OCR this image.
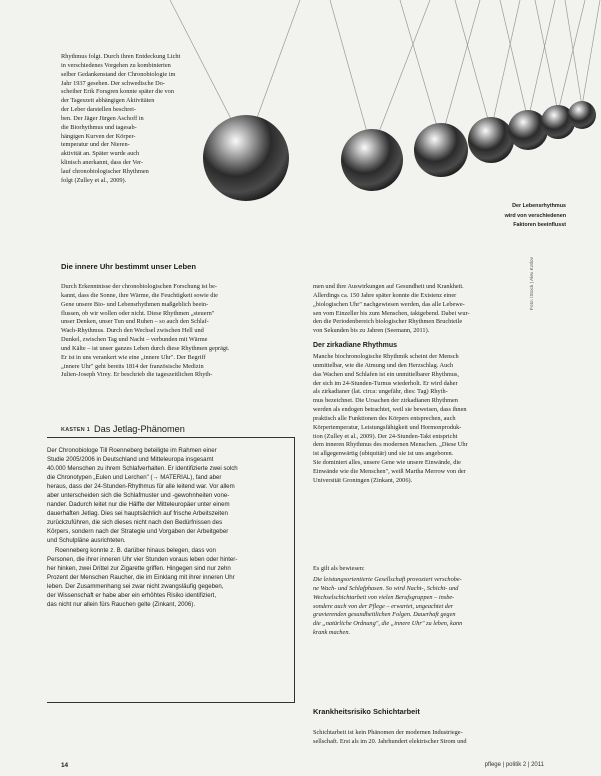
Rhythmus folgt. Durch ihren Entdeckung Licht
in verschiedenes Vorgehen zu kombinierten
selber Gedankenstand der Chronobiologie im
Jahr 1937 gesehen. Der schwedische Do-
scheiber Erik Forsgren konnte später die von
der Tageszeit abhängigen Aktivitäten
der Leber darstellen beschrei-
ben. Der Jäger Jürgen Aschoff in
die Biorhythmus und tagesab-
hängigen Kurven der Körper-
temperatur und der Nieren-
aktivität an. Später wurde auch
klinisch anerkannt, dass der Ver-
lauf chronobiologischer Rhythmen
folgt (Zulley et al., 2009).
Der Lebensrhythmus
wird von verschiedenen
Faktoren beeinflusst
Foto: iStock | Alex Kotlov
Die innere Uhr bestimmt unser Leben
Durch Erkenntnisse der chronobiologischen Forschung ist be-
kannt, dass die Sonne, ihre Wärme, die Feuchtigkeit sowie die
Gene unsere Bio- und Lebensrhythmen maßgeblich beein-
flussen, ob wir wollen oder nicht. Diese Rhythmen „steuern"
unser Denken, unser Tun und Ruhen – so auch den Schlaf-
Wach-Rhythmus. Durch den Wechsel zwischen Hell und
Dunkel, zwischen Tag und Nacht – verbunden mit Wärme
und Kälte – ist unser ganzes Leben durch diese Rhythmen geprägt.
Er ist in uns verankert wie eine „innere Uhr". Der Begriff
„innere Uhr" geht bereits 1814 der französische Medizin
Julien-Joseph Virey. Er beschrieb die tageszeitlichen Rhyth-
men und ihre Auswirkungen auf Gesundheit und Krankheit.
Allerdings ca. 150 Jahre später konnte die Existenz einer
„biologischen Uhr" nachgewiesen werden, das alle Lebewe-
sen vom Einzeller bis zum Menschen, taktgebend. Dabei wur-
den die Periodenbereich biologischer Rhythmen Bruchteile
von Sekunden bis zu Jahren (Seemann, 2011).
Der zirkadiane Rhythmus
Manche biochronologische Rhythmik scheint der Mensch
unmittelbar, wie die Atmung und den Herzschlag. Auch
das Wachen und Schlafen ist ein unmittelbarer Rhythmus,
der sich im 24-Stunden-Turnus wiederholt. Er wird daher
als zirkadianer (lat. circa: ungefähr, dies: Tag) Rhyth-
mus bezeichnet. Die Ursachen der zirkadianen Rhythmen
werden als endogen betrachtet, weil sie beweisen, dass ihnen
praktisch alle Funktionen des Körpers entsprechen, auch
Körpertemperatur, Leistungsfähigkeit und Hormonproduk-
tion (Zulley et al., 2009). Der 24-Stunden-Takt entspricht
dem inneren Rhythmus des modernen Menschen. „Diese Uhr
ist allgegenwärtig (ubiquitär) und sie ist uns angeboren.
Sie dominiert alles, unsere Gene wie unsere Einwände, die
Einwände wie die Menschen", weiß Martha Merrow von der
Universität Groningen (Zinkant, 2006).
Es gilt als bewiesen:
Die leistungsorientierte Gesellschaft provoziert verschobe-
ne Wach- und Schlafphasen. So wird Nacht-, Schicht- und
Wechselschichtarbeit von vielen Berufsgruppen – insbe-
sondere auch von der Pflege – erwartet, ungeachtet der
gravierenden gesundheitlichen Folgen. Dauerhaft gegen
die „natürliche Ordnung", die „innere Uhr" zu leben, kann
krank machen.
KASTEN 1 Das Jetlag-Phänomen
Der Chronobiologe Till Roenneberg beteiligte im Rahmen einer
Studie 2005/2006 in Deutschland und Mitteleuropa insgesamt
40.000 Menschen zu ihrem Schlafverhalten. Er identifizierte zwei solch
die Chronotypen „Eulen und Lerchen" (→ MATERIAL), fand aber
heraus, dass der 24-Stunden-Rhythmus für alle leitend war. Vor allem
aber unterscheiden sich die Schlafmuster und -gewohnheiten vone-
nander. Dadurch leitet nur die Hälfte der Mitteleuropäer unter einem
dauerhaften Jetlag. Dies sei hauptsächlich auf frische Arbeitszeiten
zurückzuführen, die sich dieses nicht nach den Bedürfnissen des
Körpers, sondern nach der Strategie und Vorgaben der Arbeitgeber
und Schulpläne ausrichteten.
Roenneberg konnte z. B. darüber hinaus belegen, dass von
Personen, die ihrer inneren Uhr vier Stunden voraus leben oder hinter-
her hinken, zwei Drittel zur Zigarette griffen. Hingegen sind nur zehn
Prozent der Menschen Raucher, die im Einklang mit ihrer inneren Uhr
leben. Der Zusammenhang sei zwar nicht zwangsläufig gegeben,
der Wissenschaft er habe aber ein erhöhtes Risiko identifiziert,
das nicht nur allein fürs Rauchen gelte (Zinkant, 2006).
Krankheitsrisiko Schichtarbeit
Schichtarbeit ist kein Phänomen der modernen Industriege-
sellschaft. Erst als im 20. Jahrhundert elektrischer Strom und
14	pflege | politik 2 | 2011
